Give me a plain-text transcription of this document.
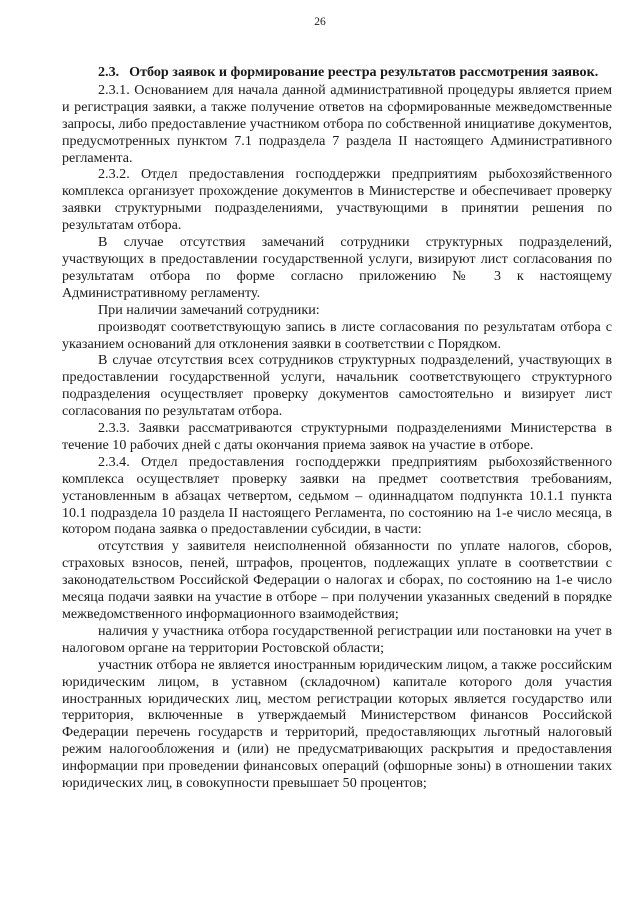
26

2.3. Отбор заявок и формирование реестра результатов рассмотрения заявок.

2.3.1. Основанием для начала данной административной процедуры является прием и регистрация заявки, а также получение ответов на сформированные межведомственные запросы, либо предоставление участником отбора по собственной инициативе документов, предусмотренных пунктом 7.1 подраздела 7 раздела II настоящего Административного регламента.

2.3.2. Отдел предоставления господдержки предприятиям рыбохозяйственного комплекса организует прохождение документов в Министерстве и обеспечивает проверку заявки структурными подразделениями, участвующими в принятии решения по результатам отбора.

В случае отсутствия замечаний сотрудники структурных подразделений, участвующих в предоставлении государственной услуги, визируют лист согласования по результатам отбора по форме согласно приложению № 3 к настоящему Административному регламенту.

При наличии замечаний сотрудники:

производят соответствующую запись в листе согласования по результатам отбора с указанием оснований для отклонения заявки в соответствии с Порядком.

В случае отсутствия всех сотрудников структурных подразделений, участвующих в предоставлении государственной услуги, начальник соответствующего структурного подразделения осуществляет проверку документов самостоятельно и визирует лист согласования по результатам отбора.

2.3.3. Заявки рассматриваются структурными подразделениями Министерства в течение 10 рабочих дней с даты окончания приема заявок на участие в отборе.

2.3.4. Отдел предоставления господдержки предприятиям рыбохозяйственного комплекса осуществляет проверку заявки на предмет соответствия требованиям, установленным в абзацах четвертом, седьмом – одиннадцатом подпункта 10.1.1 пункта 10.1 подраздела 10 раздела II настоящего Регламента, по состоянию на 1-е число месяца, в котором подана заявка о предоставлении субсидии, в части:

отсутствия у заявителя неисполненной обязанности по уплате налогов, сборов, страховых взносов, пеней, штрафов, процентов, подлежащих уплате в соответствии с законодательством Российской Федерации о налогах и сборах, по состоянию на 1-е число месяца подачи заявки на участие в отборе – при получении указанных сведений в порядке межведомственного информационного взаимодействия;

наличия у участника отбора государственной регистрации или постановки на учет в налоговом органе на территории Ростовской области;

участник отбора не является иностранным юридическим лицом, а также российским юридическим лицом, в уставном (складочном) капитале которого доля участия иностранных юридических лиц, местом регистрации которых является государство или территория, включенные в утверждаемый Министерством финансов Российской Федерации перечень государств и территорий, предоставляющих льготный налоговый режим налогообложения и (или) не предусматривающих раскрытия и предоставления информации при проведении финансовых операций (офшорные зоны) в отношении таких юридических лиц, в совокупности превышает 50 процентов;
